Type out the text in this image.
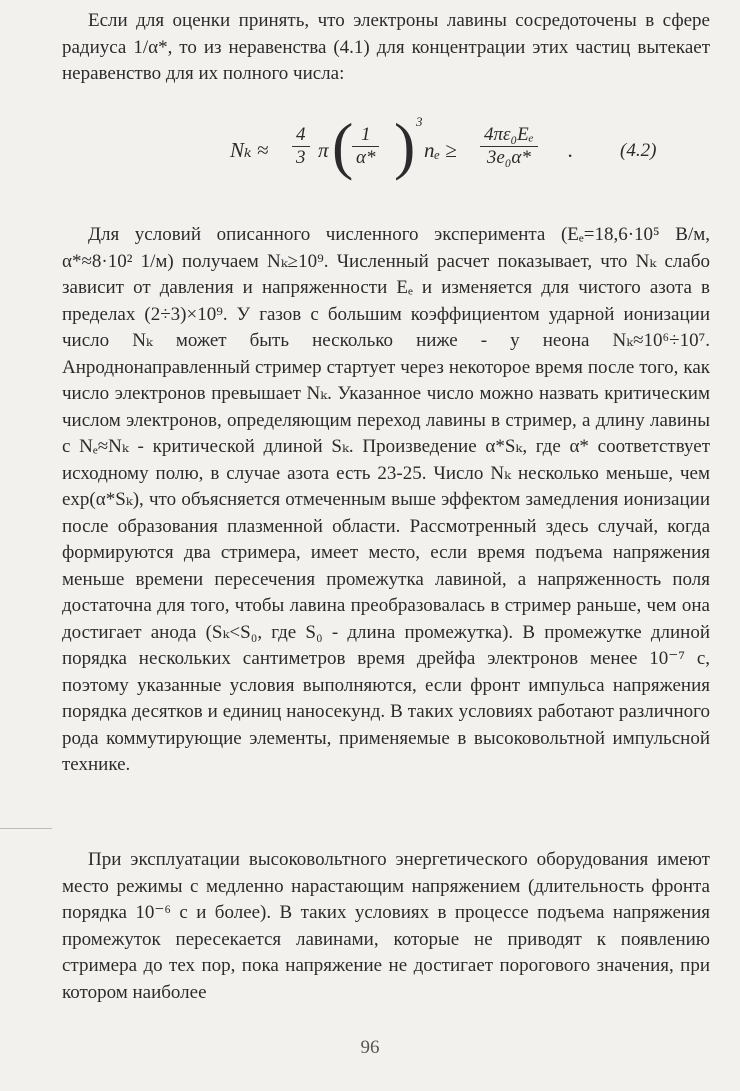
Если для оценки принять, что электроны лавины сосредоточены в сфере радиуса 1/α*, то из неравенства (4.1) для концентрации этих частиц вытекает неравенство для их полного числа:

$N_k \approx \frac{4}{3}$ π (
$\frac{1}{\alpha*}$ ) 3
$n_e \ge \frac{\text{4πε₀Eₑ}}{\text{3e₀α*}}$ . (4.2)

Для условий описанного численного эксперимента (Eₑ=18,6·10⁵ В/м, α*≈8·10² 1/м) получаем Nₖ≥10⁹. Численный расчет показывает, что Nₖ слабо зависит от давления и напряженности Eₑ и изменяется для чистого азота в пределах (2÷3)×10⁹. У газов с большим коэффициентом ударной ионизации число Nₖ может быть несколько ниже - у неона Nₖ≈10⁶÷10⁷. Анроднонаправленный стример стартует через некоторое время после того, как число электронов превышает Nₖ. Указанное число можно назвать критическим числом электронов, определяющим переход лавины в стример, а длину лавины с Nₑ≈Nₖ - критической длиной Sₖ. Произведение α*Sₖ, где α* соответствует исходному полю, в случае азота есть 23-25. Число Nₖ несколько меньше, чем exp(α*Sₖ), что объясняется отмеченным выше эффектом замедления ионизации после образования плазменной области. Рассмотренный здесь случай, когда формируются два стримера, имеет место, если время подъема напряжения меньше времени пересечения промежутка лавиной, а напряженность поля достаточна для того, чтобы лавина преобразовалась в стример раньше, чем она достигает анода (Sₖ<S₀, где S₀ - длина промежутка). В промежутке длиной порядка нескольких сантиметров время дрейфа электронов менее 10⁻⁷ с, поэтому указанные условия выполняются, если фронт импульса напряжения порядка десятков и единиц наносекунд. В таких условиях работают различного рода коммутирующие элементы, применяемые в высоковольтной импульсной технике.

При эксплуатации высоковольтного энергетического оборудования имеют место режимы с медленно нарастающим напряжением (длительность фронта порядка 10⁻⁶ с и более). В таких условиях в процессе подъема напряжения промежуток пересекается лавинами, которые не приводят к появлению стримера до тех пор, пока напряжение не достигает порогового значения, при котором наиболее

96
